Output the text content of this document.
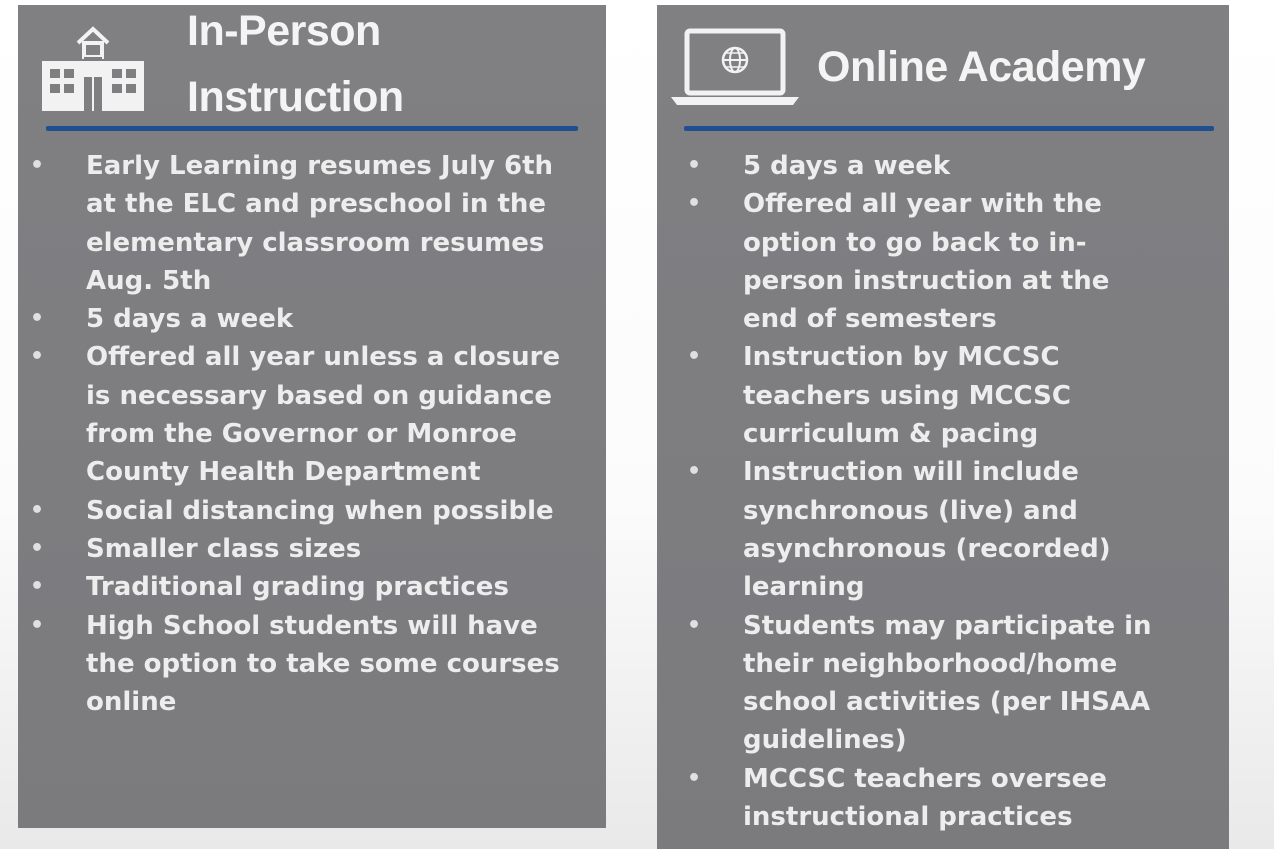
In-Person
Instruction
• Early Learning resumes July 6th
at the ELC and preschool in the
elementary classroom resumes
Aug. 5th
• 5 days a week
• Offered all year unless a closure
is necessary based on guidance
from the Governor or Monroe
County Health Department
• Social distancing when possible
• Smaller class sizes
• Traditional grading practices
• High School students will have
the option to take some courses
online
Online Academy
• 5 days a week
• Offered all year with the
option to go back to in-
person instruction at the
end of semesters
• Instruction by MCCSC
teachers using MCCSC
curriculum & pacing
• Instruction will include
synchronous (live) and
asynchronous (recorded)
learning
• Students may participate in
their neighborhood/home
school activities (per IHSAA
guidelines)
• MCCSC teachers oversee
instructional practices
